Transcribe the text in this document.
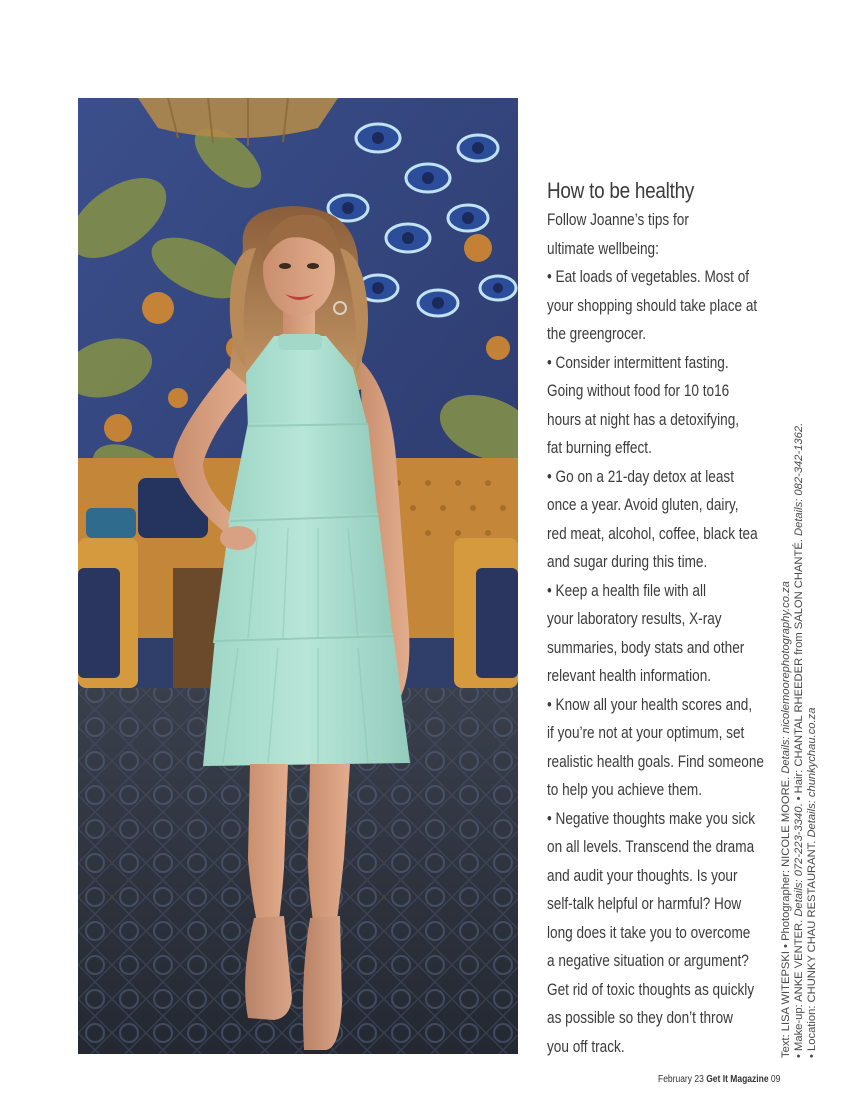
How to be healthy
Follow Joanne’s tips for
ultimate wellbeing:
• Eat loads of vegetables. Most of
your shopping should take place at
the greengrocer.
• Consider intermittent fasting.
Going without food for 10 to16
hours at night has a detoxifying,
fat burning effect.
• Go on a 21-day detox at least
once a year. Avoid gluten, dairy,
red meat, alcohol, coffee, black tea
and sugar during this time.
• Keep a health file with all
your laboratory results, X-ray
summaries, body stats and other
relevant health information.
• Know all your health scores and,
if you’re not at your optimum, set
realistic health goals. Find someone
to help you achieve them.
• Negative thoughts make you sick
on all levels. Transcend the drama
and audit your thoughts. Is your
self-talk helpful or harmful? How
long does it take you to overcome
a negative situation or argument?
Get rid of toxic thoughts as quickly
as possible so they don’t throw
you off track.	Text: LISA WITEPSKI • Photographer: NICOLE MOORE. Details: nicolemoorephotography.co.za
• Make-up: ANKE VENTER. Details: 072-223-3340. • Hair: CHANTAL RHEEDER from SALON CHANTÉ. Details: 082-342-1362.
• Location: CHUNKY CHAU RESTAURANT. Details: chunkychau.co.za
February 23 Get It Magazine 09
